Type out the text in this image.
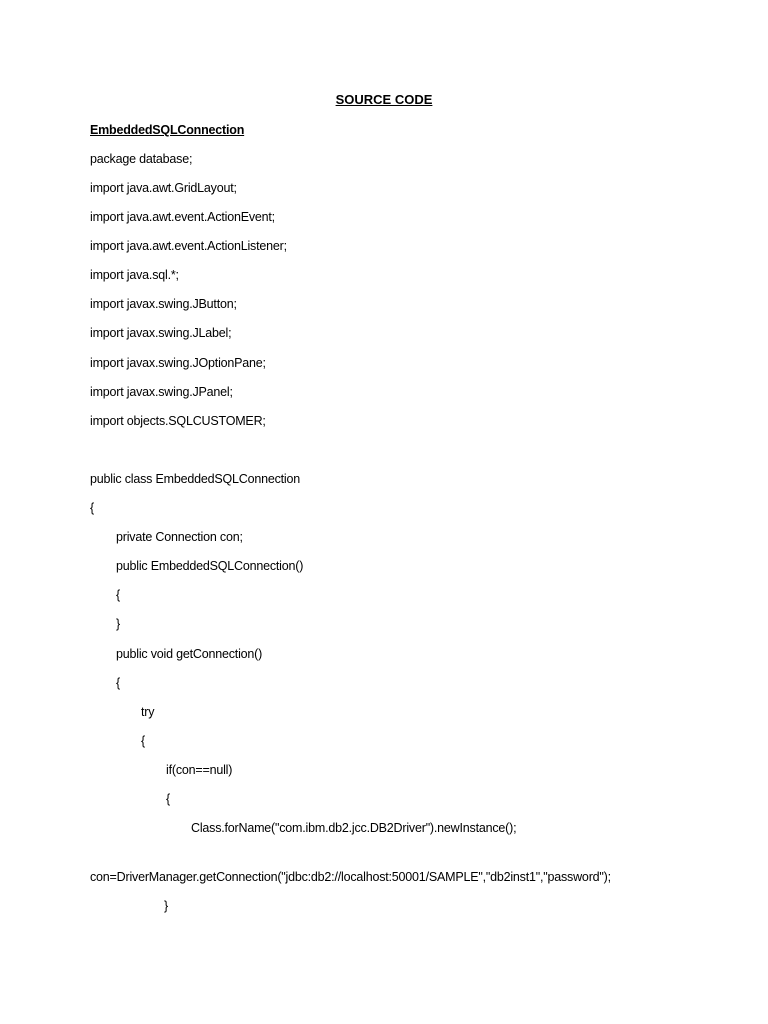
SOURCE CODE
EmbeddedSQLConnection
package database;
import java.awt.GridLayout;
import java.awt.event.ActionEvent;
import java.awt.event.ActionListener;
import java.sql.*;
import javax.swing.JButton;
import javax.swing.JLabel;
import javax.swing.JOptionPane;
import javax.swing.JPanel;
import objects.SQLCUSTOMER;
public class EmbeddedSQLConnection
{
private Connection con;
public EmbeddedSQLConnection()
{
}
public void getConnection()
{
try
{
if(con==null)
{
Class.forName("com.ibm.db2.jcc.DB2Driver").newInstance();
con=DriverManager.getConnection("jdbc:db2://localhost:50001/SAMPLE","db2inst1","password");
}
